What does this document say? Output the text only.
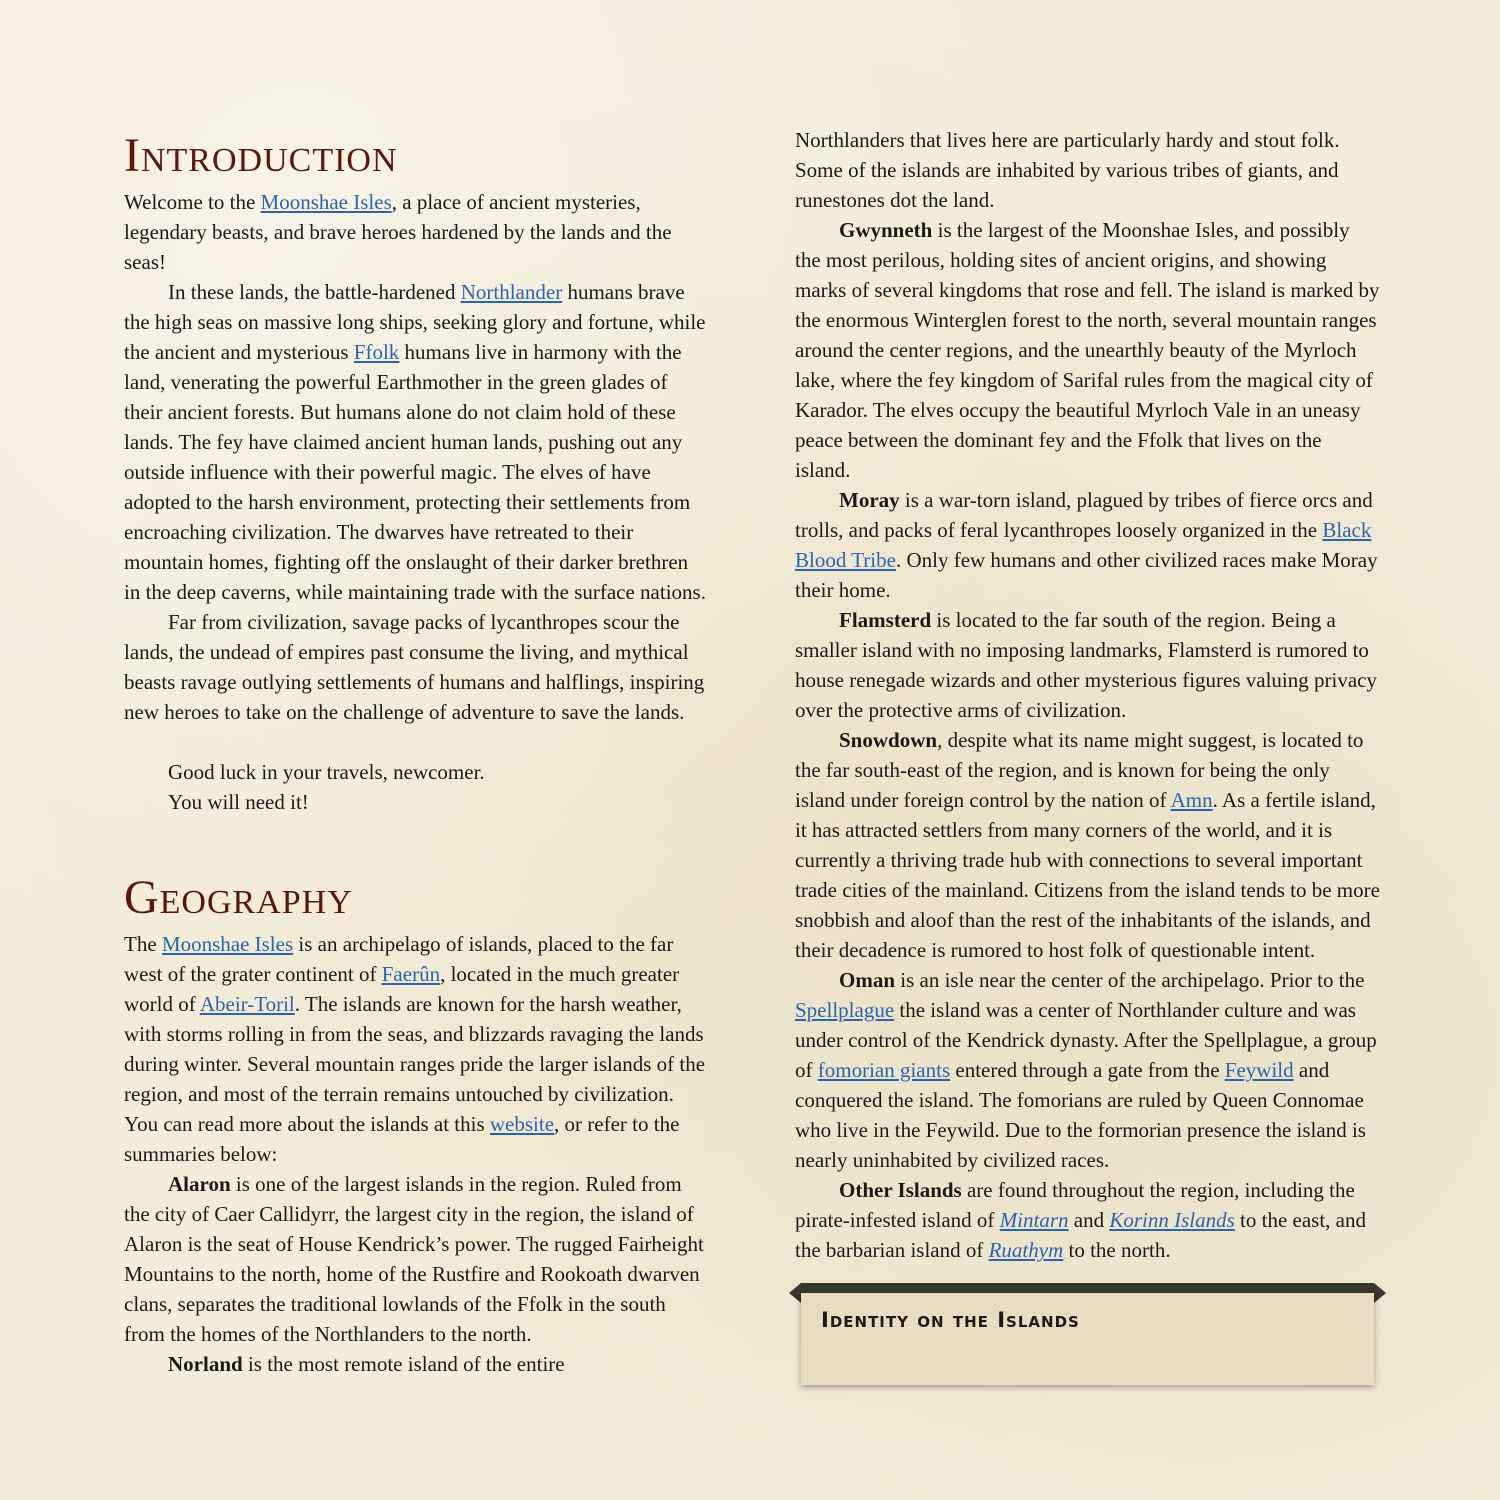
Introduction

Welcome to the Moonshae Isles, a place of ancient mysteries, legendary beasts, and brave heroes hardened by the lands and the seas!

In these lands, the battle-hardened Northlander humans brave the high seas on massive long ships, seeking glory and fortune, while the ancient and mysterious Ffolk humans live in harmony with the land, venerating the powerful Earthmother in the green glades of their ancient forests. But humans alone do not claim hold of these lands. The fey have claimed ancient human lands, pushing out any outside influence with their powerful magic. The elves of have adopted to the harsh environment, protecting their settlements from encroaching civilization. The dwarves have retreated to their mountain homes, fighting off the onslaught of their darker brethren in the deep caverns, while maintaining trade with the surface nations.

Far from civilization, savage packs of lycanthropes scour the lands, the undead of empires past consume the living, and mythical beasts ravage outlying settlements of humans and halflings, inspiring new heroes to take on the challenge of adventure to save the lands.

Good luck in your travels, newcomer.
You will need it!
Geography

The Moonshae Isles is an archipelago of islands, placed to the far west of the grater continent of Faerûn, located in the much greater world of Abeir-Toril. The islands are known for the harsh weather, with storms rolling in from the seas, and blizzards ravaging the lands during winter. Several mountain ranges pride the larger islands of the region, and most of the terrain remains untouched by civilization. You can read more about the islands at this website, or refer to the summaries below:

Alaron is one of the largest islands in the region. Ruled from the city of Caer Callidyrr, the largest city in the region, the island of Alaron is the seat of House Kendrick’s power. The rugged Fairheight Mountains to the north, home of the Rustfire and Rookoath dwarven clans, separates the traditional lowlands of the Ffolk in the south from the homes of the Northlanders to the north.

Norland is the most remote island of the entire

Northlanders that lives here are particularly hardy and stout folk. Some of the islands are inhabited by various tribes of giants, and runestones dot the land.

Gwynneth is the largest of the Moonshae Isles, and possibly the most perilous, holding sites of ancient origins, and showing marks of several kingdoms that rose and fell. The island is marked by the enormous Winterglen forest to the north, several mountain ranges around the center regions, and the unearthly beauty of the Myrloch lake, where the fey kingdom of Sarifal rules from the magical city of Karador. The elves occupy the beautiful Myrloch Vale in an uneasy peace between the dominant fey and the Ffolk that lives on the island.

Moray is a war-torn island, plagued by tribes of fierce orcs and trolls, and packs of feral lycanthropes loosely organized in the Black Blood Tribe. Only few humans and other civilized races make Moray their home.

Flamsterd is located to the far south of the region. Being a smaller island with no imposing landmarks, Flamsterd is rumored to house renegade wizards and other mysterious figures valuing privacy over the protective arms of civilization.

Snowdown, despite what its name might suggest, is located to the far south-east of the region, and is known for being the only island under foreign control by the nation of Amn. As a fertile island, it has attracted settlers from many corners of the world, and it is currently a thriving trade hub with connections to several important trade cities of the mainland. Citizens from the island tends to be more snobbish and aloof than the rest of the inhabitants of the islands, and their decadence is rumored to host folk of questionable intent.

Oman is an isle near the center of the archipelago. Prior to the Spellplague the island was a center of Northlander culture and was under control of the Kendrick dynasty. After the Spellplague, a group of fomorian giants entered through a gate from the Feywild and conquered the island. The fomorians are ruled by Queen Connomae who live in the Feywild. Due to the formorian presence the island is nearly uninhabited by civilized races.

Other Islands are found throughout the region, including the pirate-infested island of Mintarn and Korinn Islands to the east, and the barbarian island of Ruathym to the north.

Identity on the Islands
